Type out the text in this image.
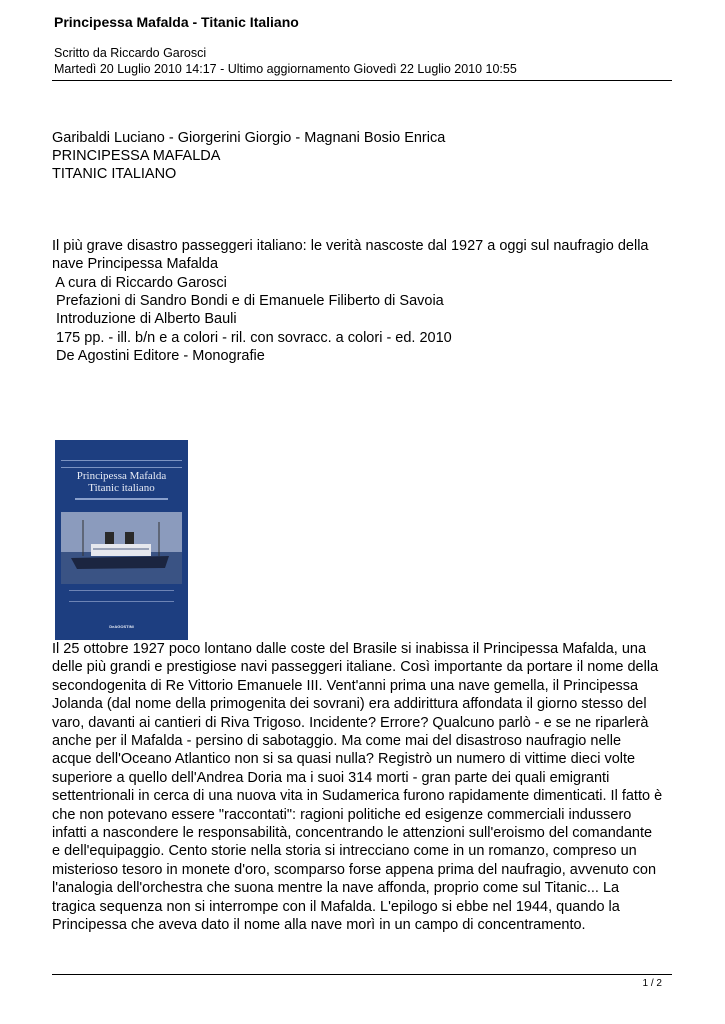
Principessa Mafalda - Titanic Italiano
Scritto da Riccardo Garosci
Martedì 20 Luglio 2010 14:17 - Ultimo aggiornamento Giovedì 22 Luglio 2010 10:55
Garibaldi Luciano - Giorgerini Giorgio - Magnani Bosio Enrica
PRINCIPESSA MAFALDA
TITANIC ITALIANO
Il più grave disastro passeggeri italiano: le verità nascoste dal 1927 a oggi sul naufragio della
nave Principessa Mafalda
A cura di Riccardo Garosci
Prefazioni di Sandro Bondi e di Emanuele Filiberto di Savoia
Introduzione di Alberto Bauli
175 pp. - ill. b/n e a colori - ril. con sovracc. a colori - ed. 2010
De Agostini Editore - Monografie
Principessa Mafalda
Titanic italiano
DeAGOSTINI
Il 25 ottobre 1927 poco lontano dalle coste del Brasile si inabissa il Principessa Mafalda, una
delle più grandi e prestigiose navi passeggeri italiane. Così importante da portare il nome della
secondogenita di Re Vittorio Emanuele III. Vent'anni prima una nave gemella, il Principessa
Jolanda (dal nome della primogenita dei sovrani) era addirittura affondata il giorno stesso del
varo, davanti ai cantieri di Riva Trigoso. Incidente? Errore? Qualcuno parlò - e se ne riparlerà
anche per il Mafalda - persino di sabotaggio. Ma come mai del disastroso naufragio nelle
acque dell'Oceano Atlantico non si sa quasi nulla? Registrò un numero di vittime dieci volte
superiore a quello dell'Andrea Doria ma i suoi 314 morti - gran parte dei quali emigranti
settentrionali in cerca di una nuova vita in Sudamerica furono rapidamente dimenticati. Il fatto è
che non potevano essere "raccontati": ragioni politiche ed esigenze commerciali indussero
infatti a nascondere le responsabilità, concentrando le attenzioni sull'eroismo del comandante
e dell'equipaggio. Cento storie nella storia si intrecciano come in un romanzo, compreso un
misterioso tesoro in monete d'oro, scomparso forse appena prima del naufragio, avvenuto con
l'analogia dell'orchestra che suona mentre la nave affonda, proprio come sul Titanic... La
tragica sequenza non si interrompe con il Mafalda. L'epilogo si ebbe nel 1944, quando la
Principessa che aveva dato il nome alla nave morì in un campo di concentramento.
1 / 2
